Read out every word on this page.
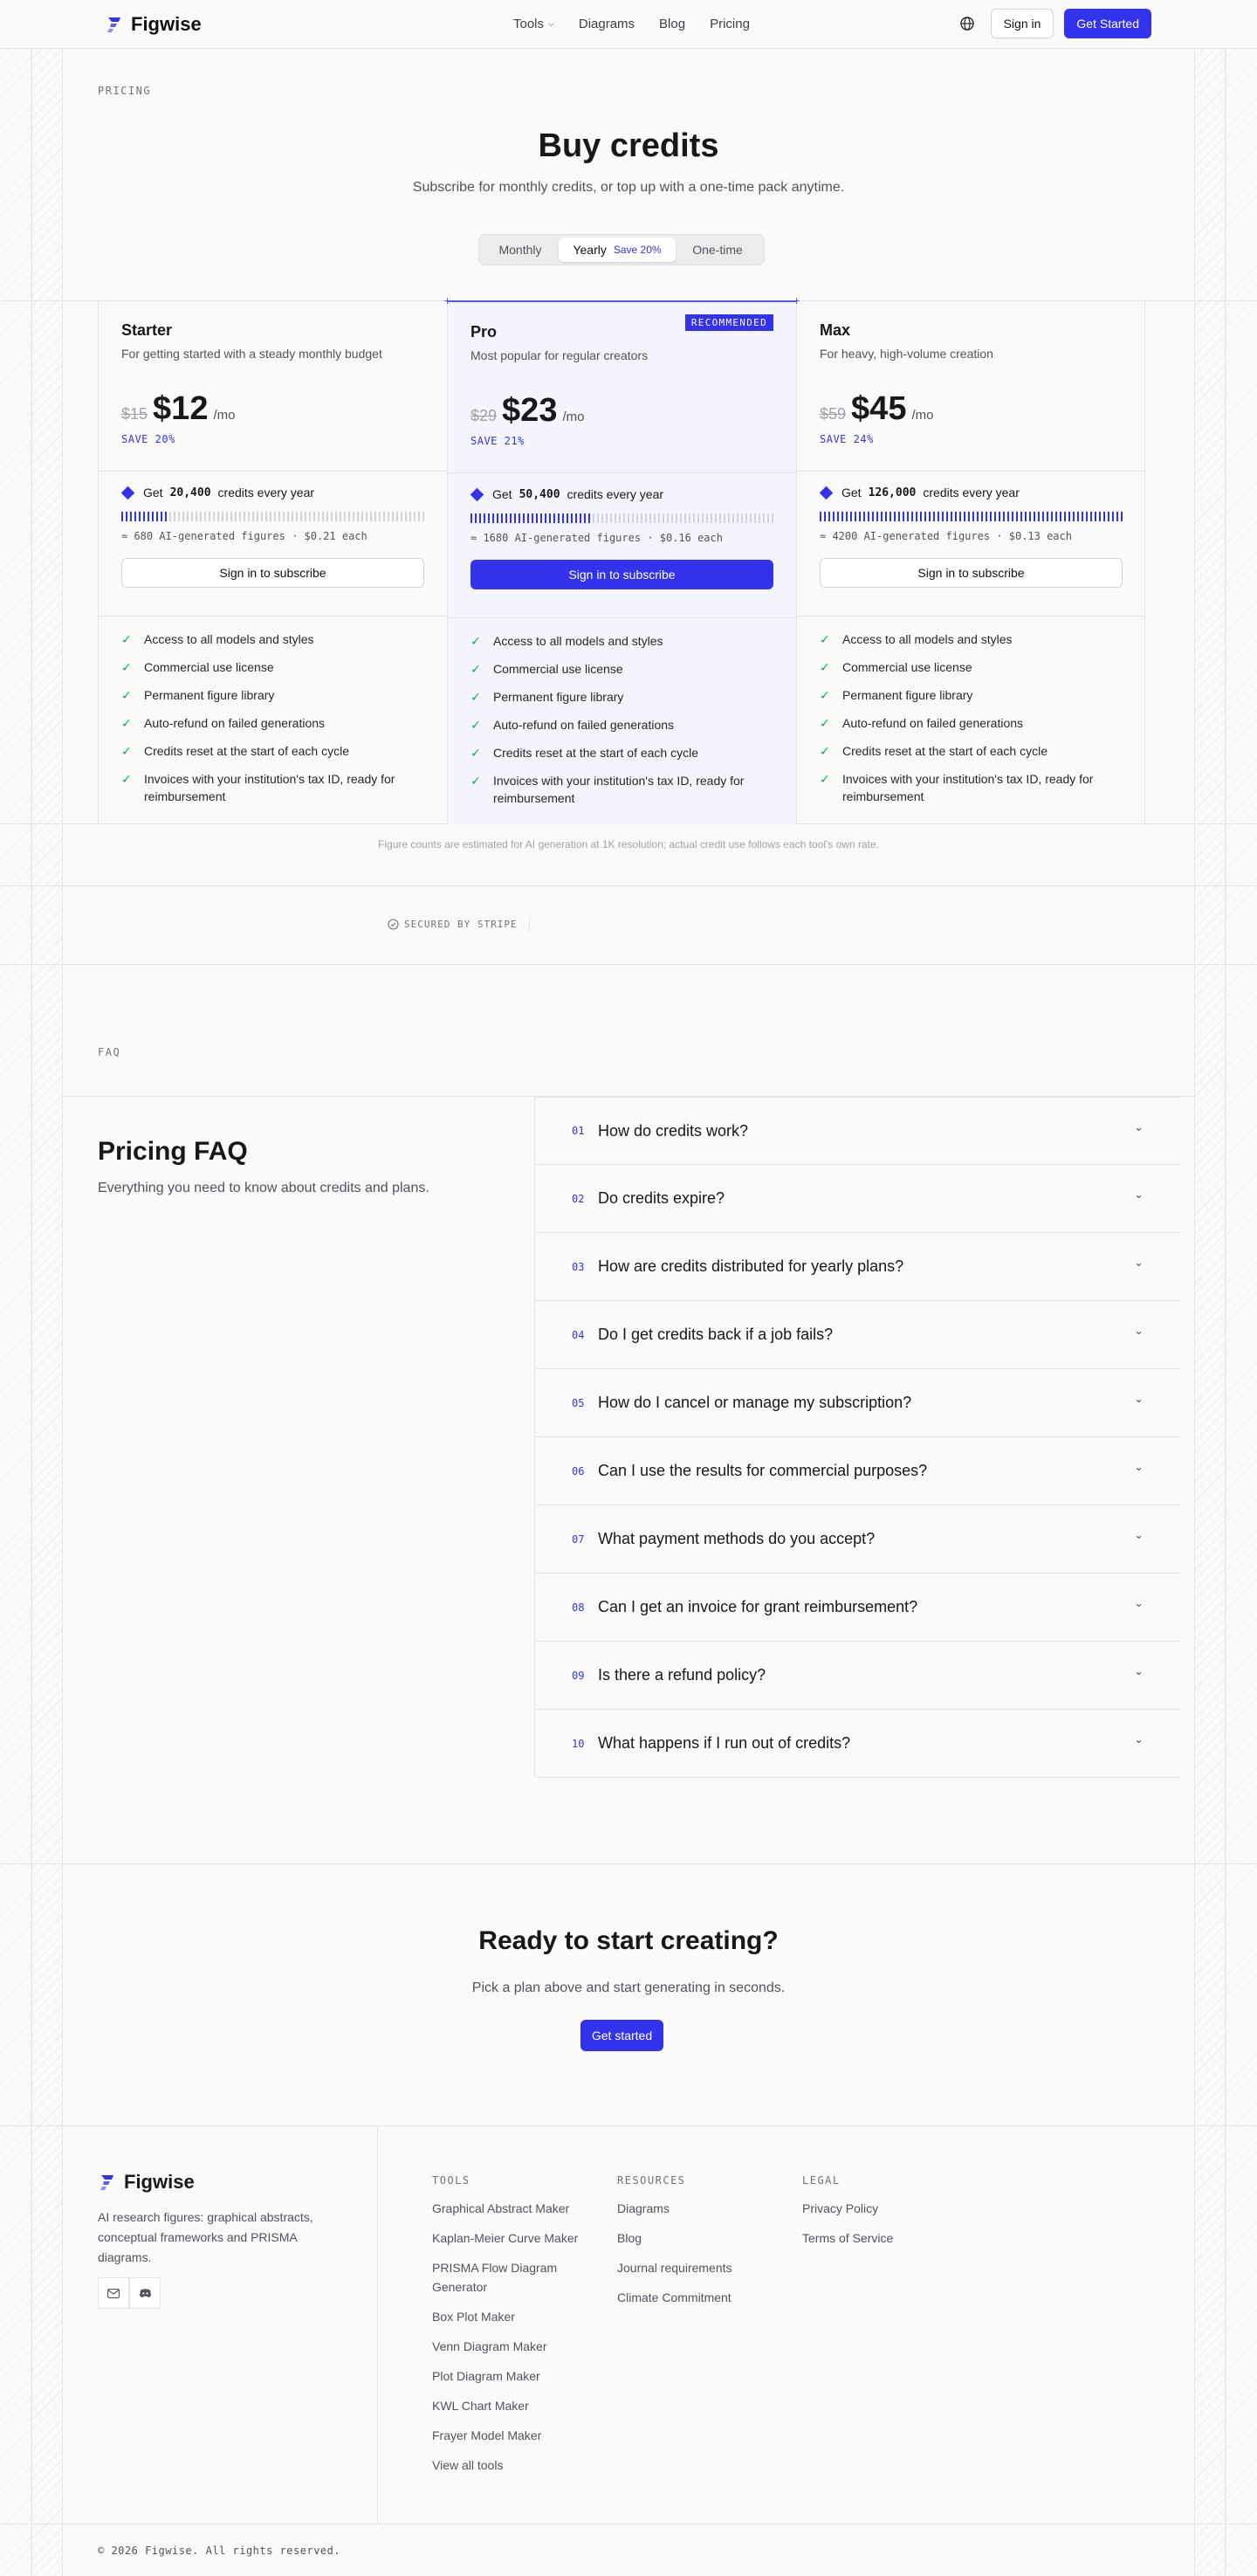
Figwise	Tools ⌵ Diagrams Blog Pricing	Sign in	Get Started
PRICING
Buy credits
Subscribe for monthly credits, or top up with a one-time pack anytime.
Monthly	Yearly Save 20%	One-time
Starter
For getting started with a steady monthly budget
$15 $12 /mo
SAVE 20%
Get 20,400 credits every year
≈ 680 AI-generated figures · $0.21 each
Sign in to subscribe
✓ Access to all models and styles
✓ Commercial use license
✓ Permanent figure library
✓ Auto-refund on failed generations
✓ Credits reset at the start of each cycle
✓ Invoices with your institution's tax ID, ready for reimbursement
+	+
RECOMMENDED
Pro
Most popular for regular creators
$29 $23 /mo
SAVE 21%
Get 50,400 credits every year
≈ 1680 AI-generated figures · $0.16 each
Sign in to subscribe
✓ Access to all models and styles
✓ Commercial use license
✓ Permanent figure library
✓ Auto-refund on failed generations
✓ Credits reset at the start of each cycle
✓ Invoices with your institution's tax ID, ready for reimbursement
Max
For heavy, high-volume creation
$59 $45 /mo
SAVE 24%
Get 126,000 credits every year
≈ 4200 AI-generated figures · $0.13 each
Sign in to subscribe
✓ Access to all models and styles
✓ Commercial use license
✓ Permanent figure library
✓ Auto-refund on failed generations
✓ Credits reset at the start of each cycle
✓ Invoices with your institution's tax ID, ready for reimbursement
Figure counts are estimated for AI generation at 1K resolution; actual credit use follows each tool's own rate.
SECURED BY STRIPE
FAQ
Pricing FAQ
Everything you need to know about credits and plans.
01 How do credits work?	⌄
02 Do credits expire?	⌄
03 How are credits distributed for yearly plans?	⌄
04 Do I get credits back if a job fails?	⌄
05 How do I cancel or manage my subscription?	⌄
06 Can I use the results for commercial purposes?	⌄
07 What payment methods do you accept?	⌄
08 Can I get an invoice for grant reimbursement?	⌄
09 Is there a refund policy?	⌄
10 What happens if I run out of credits?	⌄
Ready to start creating?
Pick a plan above and start generating in seconds.
Get started
Figwise
AI research figures: graphical abstracts, conceptual frameworks and PRISMA diagrams.
TOOLS
Graphical Abstract Maker
Kaplan-Meier Curve Maker
PRISMA Flow Diagram Generator
Box Plot Maker
Venn Diagram Maker
Plot Diagram Maker
KWL Chart Maker
Frayer Model Maker
View all tools
RESOURCES
Diagrams
Blog
Journal requirements
Climate Commitment
LEGAL
Privacy Policy
Terms of Service
© 2026 Figwise. All rights reserved.
